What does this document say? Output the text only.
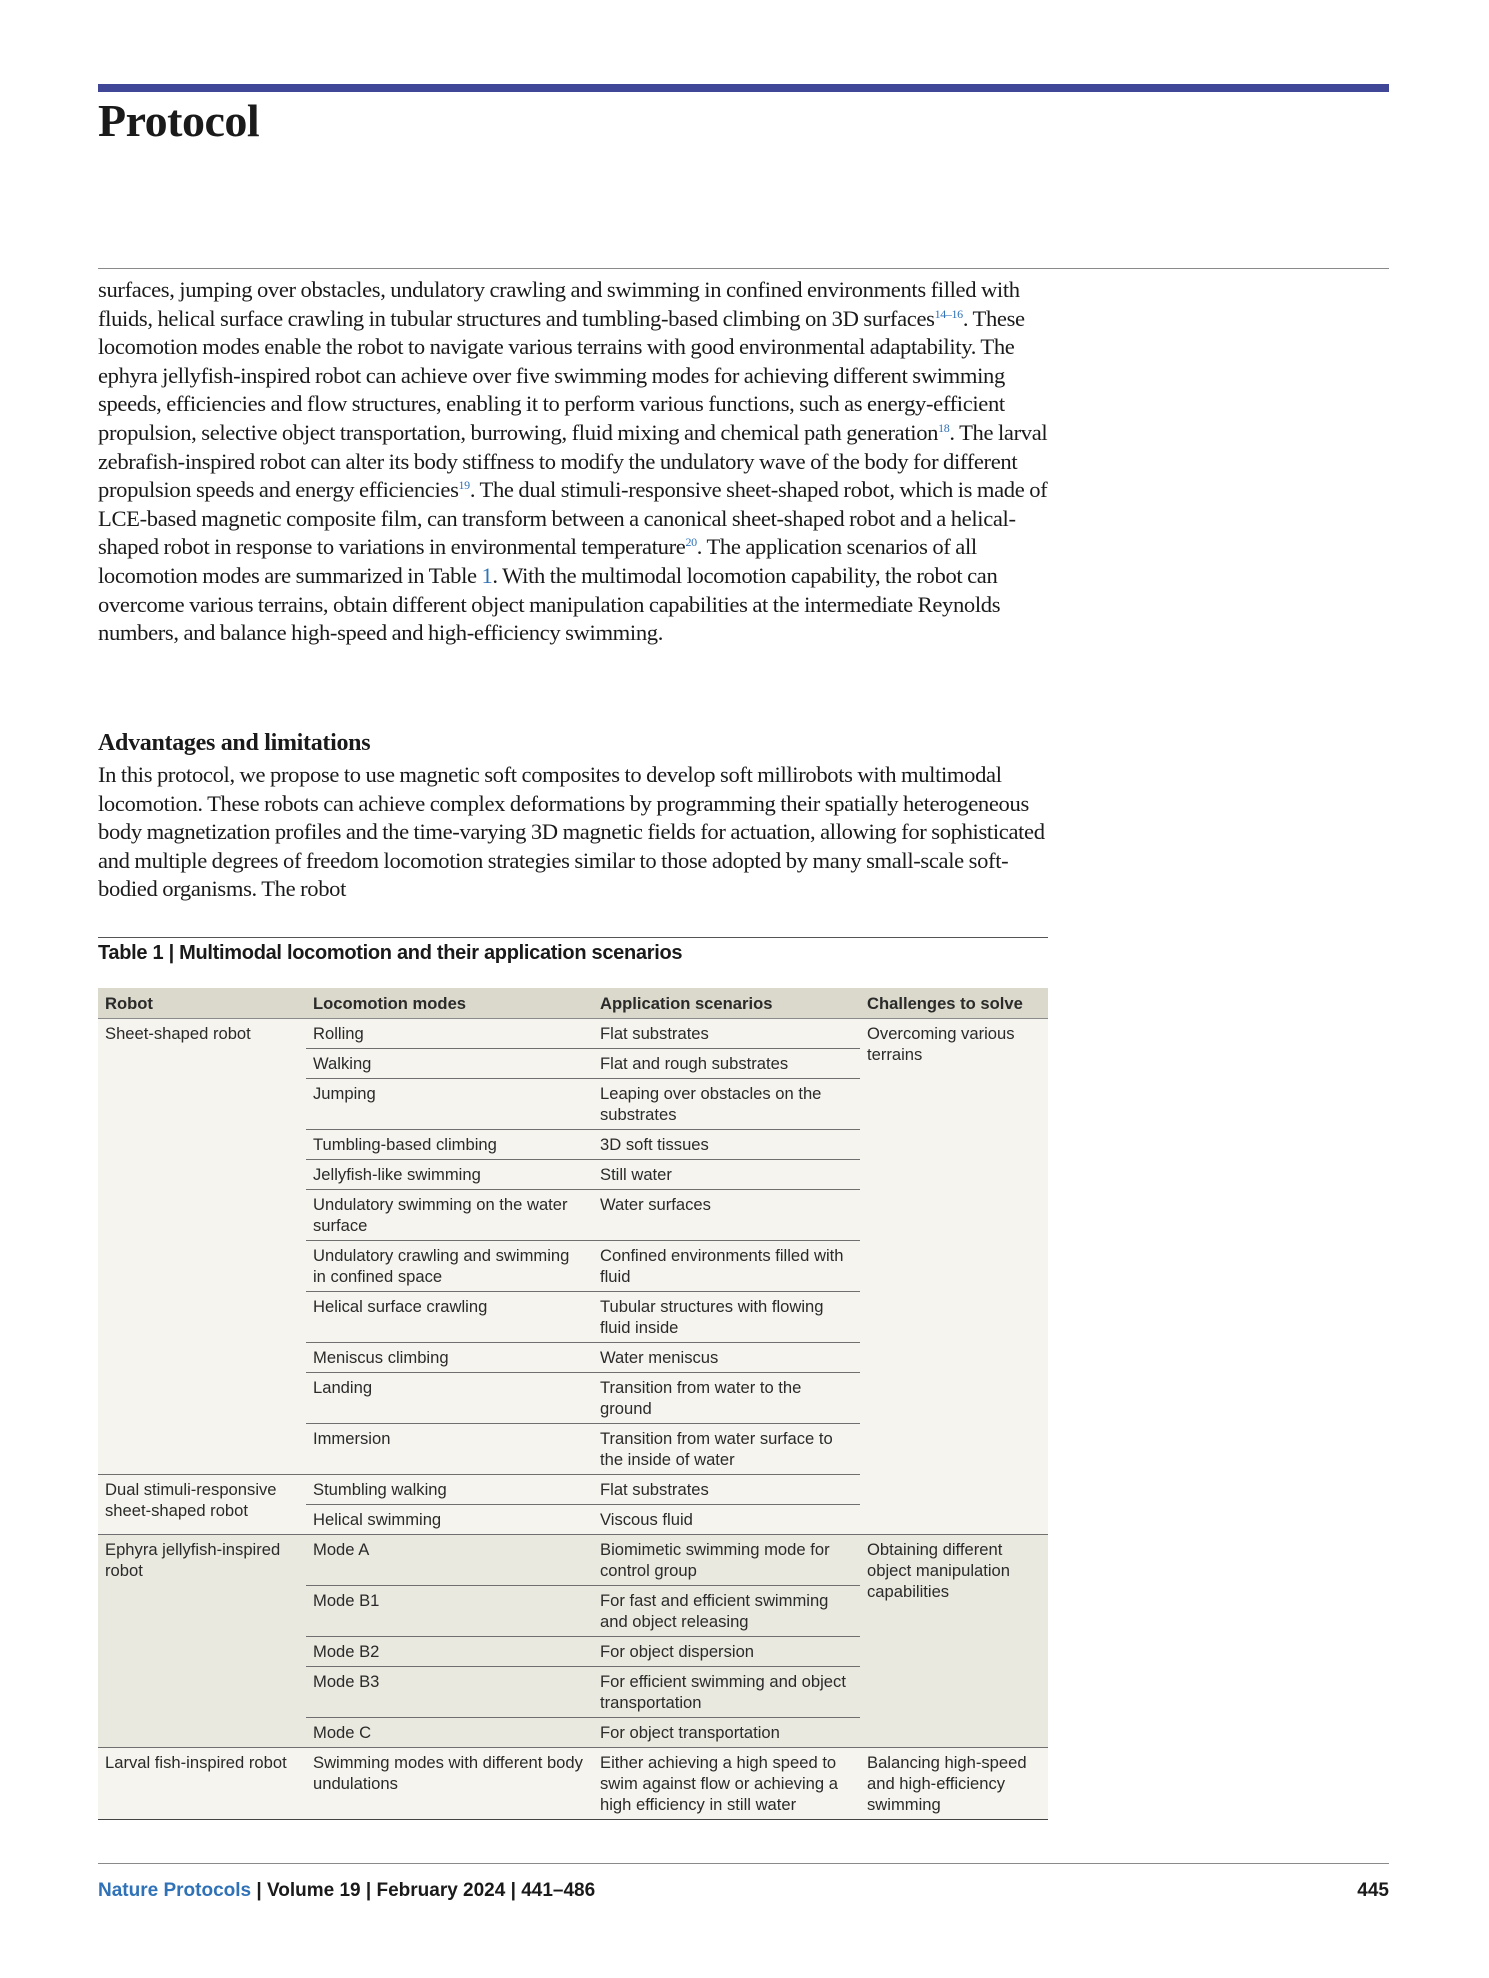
Protocol

surfaces, jumping over obstacles, undulatory crawling and swimming in confined environments filled with fluids, helical surface crawling in tubular structures and tumbling-based climbing on 3D surfaces$^{14-16}$. These locomotion modes enable the robot to navigate various terrains with good environmental adaptability. The ephyra jellyfish-inspired robot can achieve over five swimming modes for achieving different swimming speeds, efficiencies and flow structures, enabling it to perform various functions, such as energy-efficient propulsion, selective object transportation, burrowing, fluid mixing and chemical path generation$^{18}$. The larval zebrafish-inspired robot can alter its body stiffness to modify the undulatory wave of the body for different propulsion speeds and energy efficiencies$^{19}$. The dual stimuli-responsive sheet-shaped robot, which is made of LCE-based magnetic composite film, can transform between a canonical sheet-shaped robot and a helical-shaped robot in response to variations in environmental temperature$^{20}$. The application scenarios of all locomotion modes are summarized in Table 1. With the multimodal locomotion capability, the robot can overcome various terrains, obtain different object manipulation capabilities at the intermediate Reynolds numbers, and balance high-speed and high-efficiency swimming.

Advantages and limitations

In this protocol, we propose to use magnetic soft composites to develop soft millirobots with multimodal locomotion. These robots can achieve complex deformations by programming their spatially heterogeneous body magnetization profiles and the time-varying 3D magnetic fields for actuation, allowing for sophisticated and multiple degrees of freedom locomotion strategies similar to those adopted by many small-scale soft-bodied organisms. The robot

Table 1 | Multimodal locomotion and their application scenarios
Robot	Locomotion modes	Application scenarios	Challenges to solve
Sheet-shaped robot	Rolling	Flat substrates	Overcoming various terrains
	Walking	Flat and rough substrates	
	Jumping	Leaping over obstacles on the substrates	
	Tumbling-based climbing	3D soft tissues	
	Jellyfish-like swimming	Still water	
	Undulatory swimming on the water surface	Water surfaces	
	Undulatory crawling and swimming in confined space	Confined environments filled with fluid	
	Helical surface crawling	Tubular structures with flowing fluid inside	
	Meniscus climbing	Water meniscus	
	Landing	Transition from water to the ground	
	Immersion	Transition from water surface to the inside of water	
Dual stimuli-responsive sheet-shaped robot	Stumbling walking	Flat substrates	
	Helical swimming	Viscous fluid	
Ephyra jellyfish-inspired robot	Mode A	Biomimetic swimming mode for control group	Obtaining different object manipulation capabilities
	Mode B1	For fast and efficient swimming and object releasing	
	Mode B2	For object dispersion	
	Mode B3	For efficient swimming and object transportation	
	Mode C	For object transportation	
Larval fish-inspired robot	Swimming modes with different body undulations	Either achieving a high speed to swim against flow or achieving a high efficiency in still water	Balancing high-speed and high-efficiency swimming
Nature Protocols | Volume 19 | February 2024 | 441–486	445
